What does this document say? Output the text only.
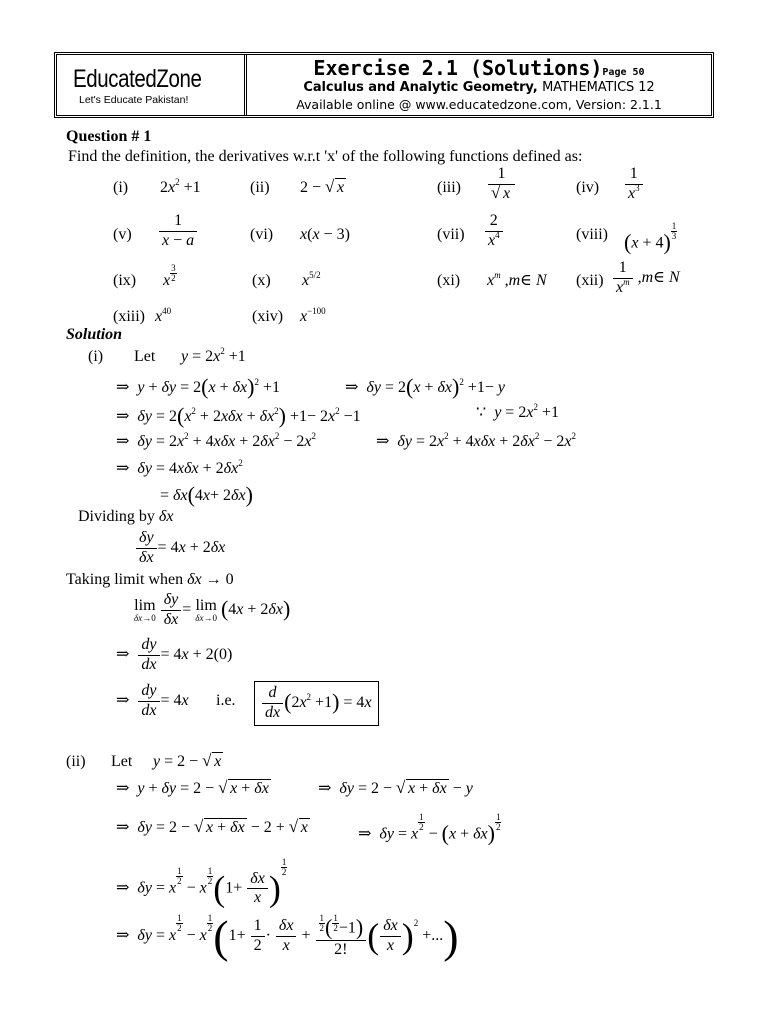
EducatedZone
Let's Educate Pakistan!
Exercise 2.1 (Solutions)Page 50
Calculus and Analytic Geometry, MATHEMATICS 12
Available online @ www.educatedzone.com, Version: 2.1.1
Question # 1
Find the definition, the derivatives w.r.t 'x' of the following functions defined as:
(i) $2x^2 +1$	(ii) 2 − √ x	$(iii) \frac{1}{√ x}$	$(iv) \frac{1}{x^3}$
$(v) \frac{1}{x - a}$	(vi) x(x − 3)	$(vii) \frac{2}{x^4}$	(viii) $(x + 4) \frac{1}{3}$
(ix) x $\frac{3}{2}$	(x) $x^{5/2}$	(xi) $x^m$ ,m∈ N $(xii) \frac{1}{x^m}$ ,m∈ N
(xiii) $x^{40}$	(xiv) $x^{-100}$
Solution
(i) Let $y = 2x^2 +1$
⇒  $y + \delta y = 2(x + \delta x)^2 +1$	⇒  $\delta y = 2(x + \delta x)^2 +1- y$
⇒  $\delta y = 2(x^2 + 2x\delta x + \delta x^2) +1- 2x^2 -1$	∵  $y = 2x^2 +1$
⇒  $\delta y = 2x^2 + 4x\delta x + 2\delta x^2 - 2x^2$	⇒  $\delta y = 2x^2 + 4x\delta x + 2\delta x^2 - 2x^2$
⇒  $\delta y = 4x\delta x + 2\delta x^2$
= δx(4x+ 2δx)
Dividing by δx
$\frac{\delta y}{\delta x} = 4x + 2\delta x$
Taking limit when δx → 0
lim
δx→0
$\frac{\delta y}{\delta x} = \lim$
δx→0 (4x + 2δx)
⇒ $\frac{dy}{dx} = 4x + 2(0)$
⇒ $\frac{dy}{dx} = 4x$ i.e. $\frac{d}{dx} (2x^2 +1) = 4x$
(ii) Let y = 2 − √ x
⇒  y + δy = 2 − √ x + δx	⇒  δy = 2 − √ x + δx − y
⇒  δy = 2 − √ x + δx − 2 + √ x	⇒  δy = x
$\frac{1}{2}$
− $(x + \delta x) \frac{1}{2}$
⇒  δy = x
$\frac{1}{2}$
− x
$\frac{1}{2} (1+ \frac{\delta x}{x}$ )
$\frac{1}{2}$
⇒  δy = x
$\frac{1}{2}$
− x
$\frac{1}{2} (1+ \frac{1}{2} \cdot \frac{\delta x}{x} + \frac{\frac{1}{2} ( \frac{1}{2} -1)}{2!}$ ( $\frac{\delta x}{x} )^2$ +...)
